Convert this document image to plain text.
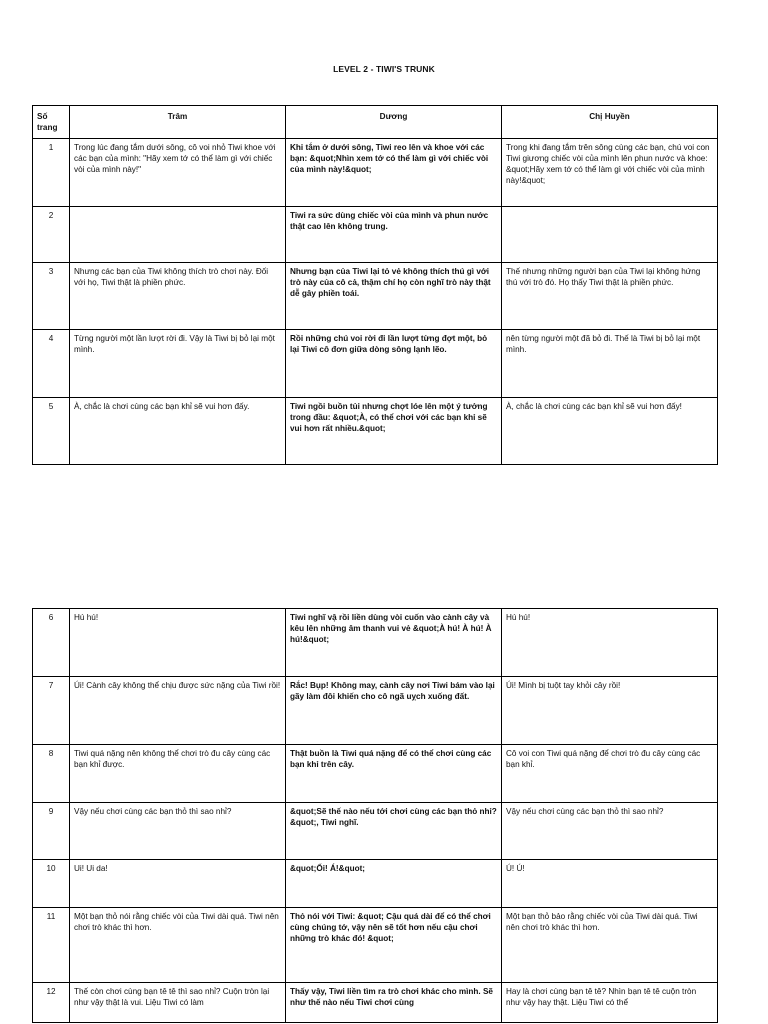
LEVEL 2 - TIWI'S TRUNK
Số trang	Trâm	Dương	Chị Huyền
1	Trong lúc đang tắm dưới sông, cô voi nhỏ Tiwi khoe với các bạn của mình: "Hãy xem tớ có thể làm gì với chiếc vòi của mình này!"	Khi tắm ở dưới sông, Tiwi reo lên và khoe với các bạn: &quot;Nhìn xem tớ có thể làm gì với chiếc vòi của mình này!&quot;	Trong khi đang tắm trên sông cùng các bạn, chú voi con Tiwi giương chiếc vòi của mình lên phun nước và khoe: &quot;Hãy xem tớ có thể làm gì với chiếc vòi của mình này!&quot;
2		Tiwi ra sức dùng chiếc vòi của mình và phun nước thật cao lên không trung.	
3	Nhưng các bạn của Tiwi không thích trò chơi này. Đối với họ, Tiwi thật là phiền phức.	Nhưng bạn của Tiwi lại tỏ vẻ không thích thú gì với trò này của cô cả, thậm chí họ còn nghĩ trò này thật dễ gây phiền toái.	Thế nhưng những người bạn của Tiwi lại không hứng thú với trò đó. Họ thấy Tiwi thật là phiền phức.
4	Từng người một lần lượt rời đi. Vậy là Tiwi bị bỏ lại một mình.	Rồi những chú voi rời đi lần lượt từng đợt một, bỏ lại Tiwi cô đơn giữa dòng sông lạnh lẽo.	nên từng người một đã bỏ đi. Thế là Tiwi bị bỏ lại một mình.
5	À, chắc là chơi cùng các bạn khỉ sẽ vui hơn đấy.	Tiwi ngồi buồn tủi nhưng chợt lóe lên một ý tưởng trong đầu: &quot;À, có thể chơi với các bạn khỉ sẽ vui hơn rất nhiều.&quot;	À, chắc là chơi cùng các bạn khỉ sẽ vui hơn đấy!
6	Hú hú!	Tiwi nghĩ vậ rồi liền dùng vòi cuốn vào cành cây và kêu lên những âm thanh vui vẻ &quot;À hú! À hú! À hú!&quot;	Hú hú!
7	Úi! Cành cây không thể chịu được sức nặng của Tiwi rồi!	Rắc! Bụp! Không may, cành cây nơi Tiwi bám vào lại gãy làm đôi khiến cho cô ngã uỵch xuống đất.	Úi! Mình bị tuột tay khỏi cây rồi!
8	Tiwi quá nặng nên không thể chơi trò đu cây cùng các bạn khỉ được.	Thật buồn là Tiwi quá nặng để có thể chơi cùng các bạn khỉ trên cây.	Cô voi con Tiwi quá nặng để chơi trò đu cây cùng các bạn khỉ.
9	Vậy nếu chơi cùng các bạn thỏ thì sao nhỉ?	&quot;Sẽ thế nào nếu tới chơi cùng các bạn thỏ nhỉ?&quot;, Tiwi nghĩ.	Vậy nếu chơi cùng các bạn thỏ thì sao nhỉ?
10	Ui! Ui da!	&quot;Ối! Á!&quot;	Ú! Ú!
11	Một bạn thỏ nói rằng chiếc vòi của Tiwi dài quá. Tiwi nên chơi trò khác thì hơn.	Thỏ nói với Tiwi: &quot; Cậu quá dài để có thể chơi cùng chúng tớ, vậy nên sẽ tốt hơn nếu cậu chơi những trò khác đó! &quot;	Một bạn thỏ bảo rằng chiếc vòi của Tiwi dài quá. Tiwi nên chơi trò khác thì hơn.
12	Thế còn chơi cùng bạn tê tê thì sao nhỉ? Cuộn tròn lại như vậy thật là vui. Liệu Tiwi có làm	Thấy vậy, Tiwi liền tìm ra trò chơi khác cho mình. Sẽ như thế nào nếu Tiwi chơi cùng	Hay là chơi cùng bạn tê tê? Nhìn bạn tê tê cuộn tròn như vậy hay thật. Liệu Tiwi có thể
